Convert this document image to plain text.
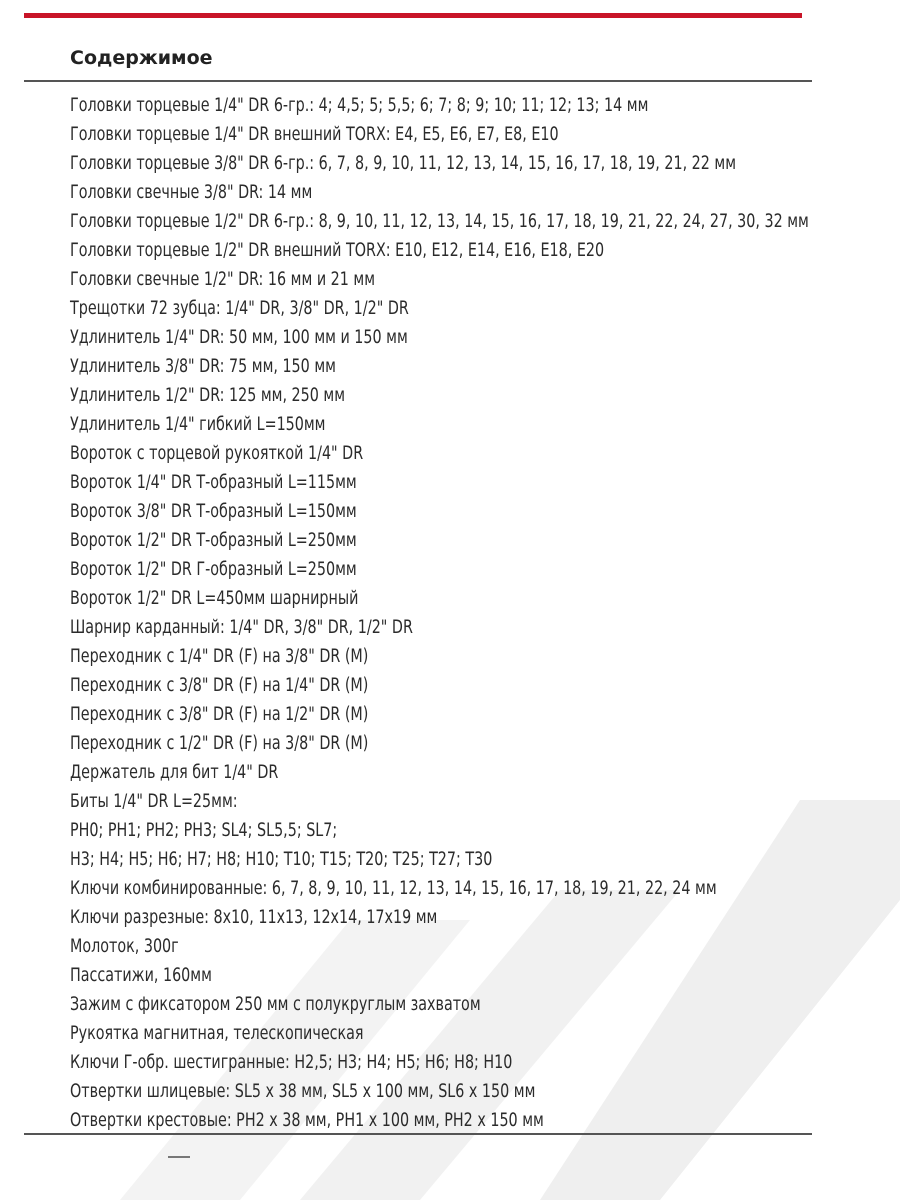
Содержимое
Головки торцевые 1/4" DR 6-гр.: 4; 4,5; 5; 5,5; 6; 7; 8; 9; 10; 11; 12; 13; 14 мм
Головки торцевые 1/4" DR внешний TORX: E4, E5, E6, E7, E8, E10
Головки торцевые 3/8" DR 6-гр.: 6, 7, 8, 9, 10, 11, 12, 13, 14, 15, 16, 17, 18, 19, 21, 22 мм
Головки свечные 3/8" DR: 14 мм
Головки торцевые 1/2" DR 6-гр.: 8, 9, 10, 11, 12, 13, 14, 15, 16, 17, 18, 19, 21, 22, 24, 27, 30, 32 мм
Головки торцевые 1/2" DR внешний TORX: E10, E12, E14, E16, E18, E20
Головки свечные 1/2" DR: 16 мм и 21 мм
Трещотки 72 зубца: 1/4" DR, 3/8" DR, 1/2" DR
Удлинитель 1/4" DR: 50 мм, 100 мм и 150 мм
Удлинитель 3/8" DR: 75 мм, 150 мм
Удлинитель 1/2" DR: 125 мм, 250 мм
Удлинитель 1/4" гибкий L=150мм
Вороток с торцевой рукояткой 1/4" DR
Вороток 1/4" DR Т-образный L=115мм
Вороток 3/8" DR Т-образный L=150мм
Вороток 1/2" DR Т-образный L=250мм
Вороток 1/2" DR Г-образный L=250мм
Вороток 1/2" DR L=450мм шарнирный
Шарнир карданный: 1/4" DR, 3/8" DR, 1/2" DR
Переходник с 1/4" DR (F) на 3/8" DR (M)
Переходник с 3/8" DR (F) на 1/4" DR (M)
Переходник с 3/8" DR (F) на 1/2" DR (M)
Переходник с 1/2" DR (F) на 3/8" DR (M)
Держатель для бит 1/4" DR
Биты 1/4" DR L=25мм:
PH0; PH1; PH2; PH3; SL4; SL5,5; SL7;
H3; H4; H5; H6; H7; H8; H10; T10; T15; T20; T25; T27; T30
Ключи комбинированные: 6, 7, 8, 9, 10, 11, 12, 13, 14, 15, 16, 17, 18, 19, 21, 22, 24 мм
Ключи разрезные: 8x10, 11x13, 12x14, 17x19 мм
Молоток, 300г
Пассатижи, 160мм
Зажим с фиксатором 250 мм с полукруглым захватом
Рукоятка магнитная, телескопическая
Ключи Г-обр. шестигранные: H2,5; H3; H4; H5; H6; H8; H10
Отвертки шлицевые: SL5 x 38 мм, SL5 x 100 мм, SL6 x 150 мм
Отвертки крестовые: PH2 x 38 мм, PH1 x 100 мм, PH2 x 150 мм
